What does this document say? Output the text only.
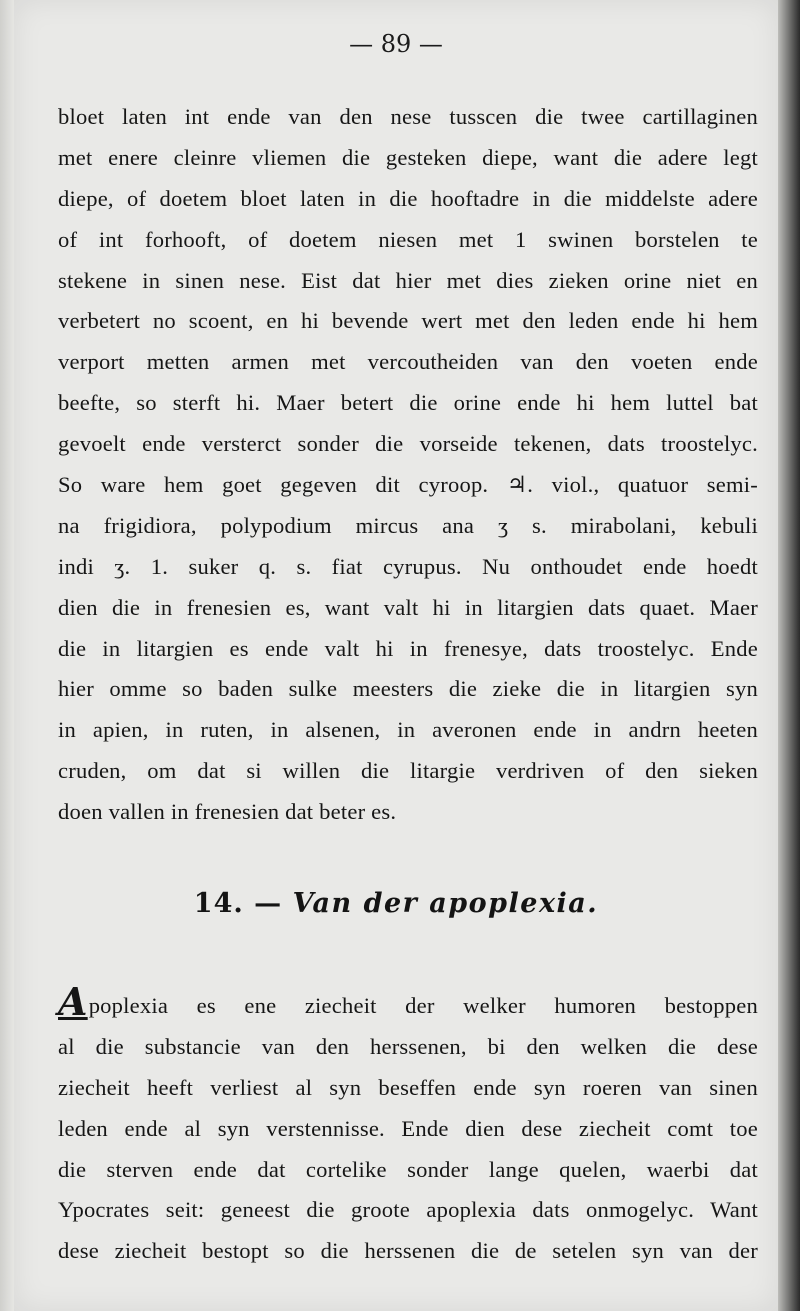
— 89 —
bloet laten int ende van den nese tusscen die twee cartillaginen
met enere cleinre vliemen die gesteken diepe, want die adere legt
diepe, of doetem bloet laten in die hooftadre in die middelste adere
of int forhooft, of doetem niesen met 1 swinen borstelen te
stekene in sinen nese. Eist dat hier met dies zieken orine niet en
verbetert no scoent, en hi bevende wert met den leden ende hi hem
verport metten armen met vercoutheiden van den voeten ende
beefte, so sterft hi. Maer betert die orine ende hi hem luttel bat
gevoelt ende versterct sonder die vorseide tekenen, dats troostelyc.
So ware hem goet gegeven dit cyroop. ♃. viol., quatuor semi-
na frigidiora, polypodium mircus ana ʒ s. mirabolani, kebuli
indi ʒ. 1. suker q. s. fiat cyrupus. Nu onthoudet ende hoedt
dien die in frenesien es, want valt hi in litargien dats quaet. Maer
die in litargien es ende valt hi in frenesye, dats troostelyc. Ende
hier omme so baden sulke meesters die zieke die in litargien syn
in apien, in ruten, in alsenen, in averonen ende in andrn heeten
cruden, om dat si willen die litargie verdriven of den sieken
doen vallen in frenesien dat beter es.
14. — Van der apoplexia.
Apoplexia es ene ziecheit der welker humoren bestoppen
al die substancie van den herssenen, bi den welken die dese
ziecheit heeft verliest al syn beseffen ende syn roeren van sinen
leden ende al syn verstennisse. Ende dien dese ziecheit comt toe
die sterven ende dat cortelike sonder lange quelen, waerbi dat
Ypocrates seit: geneest die groote apoplexia dats onmogelyc. Want
dese ziecheit bestopt so die herssenen die de setelen syn van der
